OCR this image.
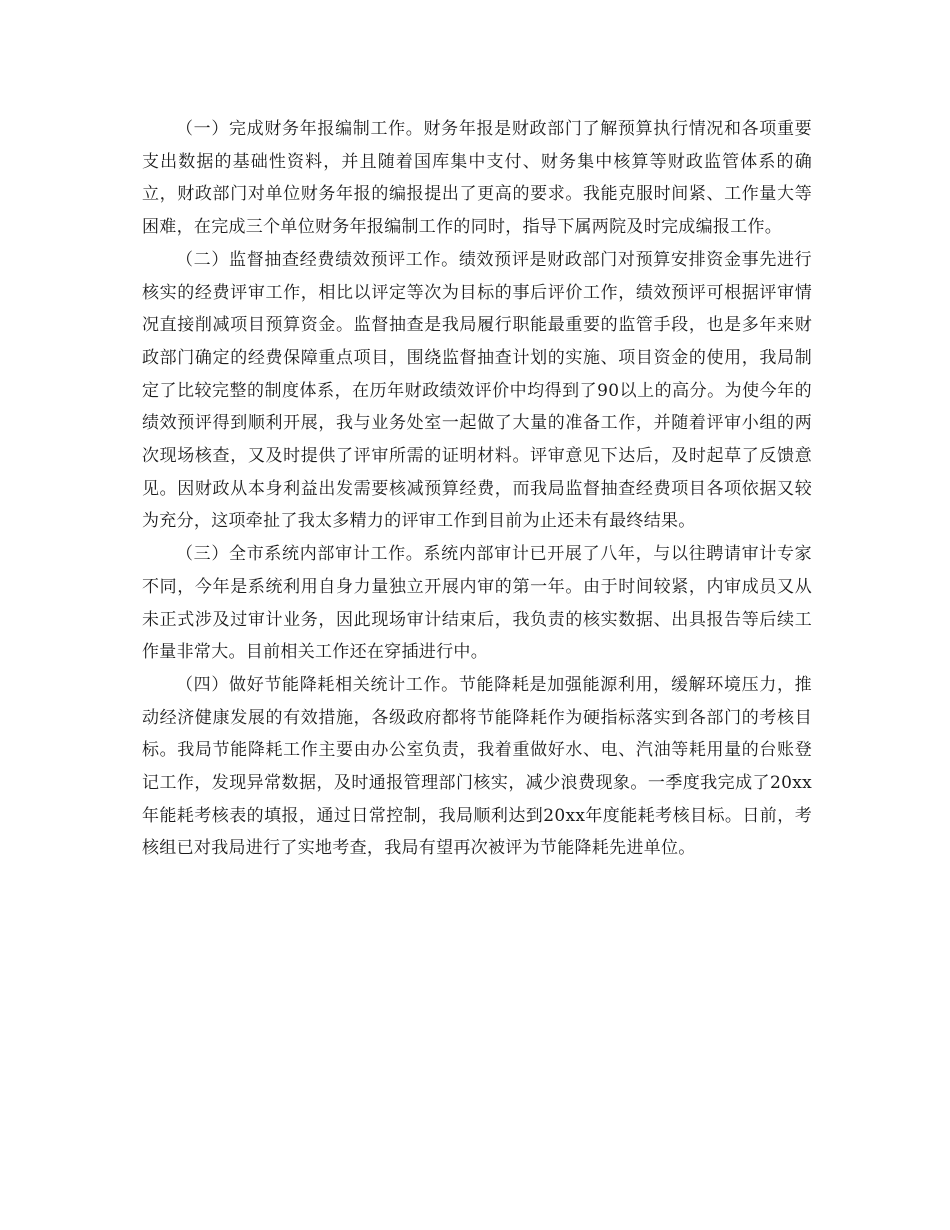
（一）完成财务年报编制工作。财务年报是财政部门了解预算执行情况和各项重要支出数据的基础性资料，并且随着国库集中支付、财务集中核算等财政监管体系的确立，财政部门对单位财务年报的编报提出了更高的要求。我能克服时间紧、工作量大等困难，在完成三个单位财务年报编制工作的同时，指导下属两院及时完成编报工作。

（二）监督抽查经费绩效预评工作。绩效预评是财政部门对预算安排资金事先进行核实的经费评审工作，相比以评定等次为目标的事后评价工作，绩效预评可根据评审情况直接削减项目预算资金。监督抽查是我局履行职能最重要的监管手段，也是多年来财政部门确定的经费保障重点项目，围绕监督抽查计划的实施、项目资金的使用，我局制定了比较完整的制度体系，在历年财政绩效评价中均得到了90以上的高分。为使今年的绩效预评得到顺利开展，我与业务处室一起做了大量的准备工作，并随着评审小组的两次现场核查，又及时提供了评审所需的证明材料。评审意见下达后，及时起草了反馈意见。因财政从本身利益出发需要核减预算经费，而我局监督抽查经费项目各项依据又较为充分，这项牵扯了我太多精力的评审工作到目前为止还未有最终结果。

（三）全市系统内部审计工作。系统内部审计已开展了八年，与以往聘请审计专家不同，今年是系统利用自身力量独立开展内审的第一年。由于时间较紧，内审成员又从未正式涉及过审计业务，因此现场审计结束后，我负责的核实数据、出具报告等后续工作量非常大。目前相关工作还在穿插进行中。

（四）做好节能降耗相关统计工作。节能降耗是加强能源利用，缓解环境压力，推动经济健康发展的有效措施，各级政府都将节能降耗作为硬指标落实到各部门的考核目标。我局节能降耗工作主要由办公室负责，我着重做好水、电、汽油等耗用量的台账登记工作，发现异常数据，及时通报管理部门核实，减少浪费现象。一季度我完成了20xx年能耗考核表的填报，通过日常控制，我局顺利达到20xx年度能耗考核目标。日前，考核组已对我局进行了实地考查，我局有望再次被评为节能降耗先进单位。
